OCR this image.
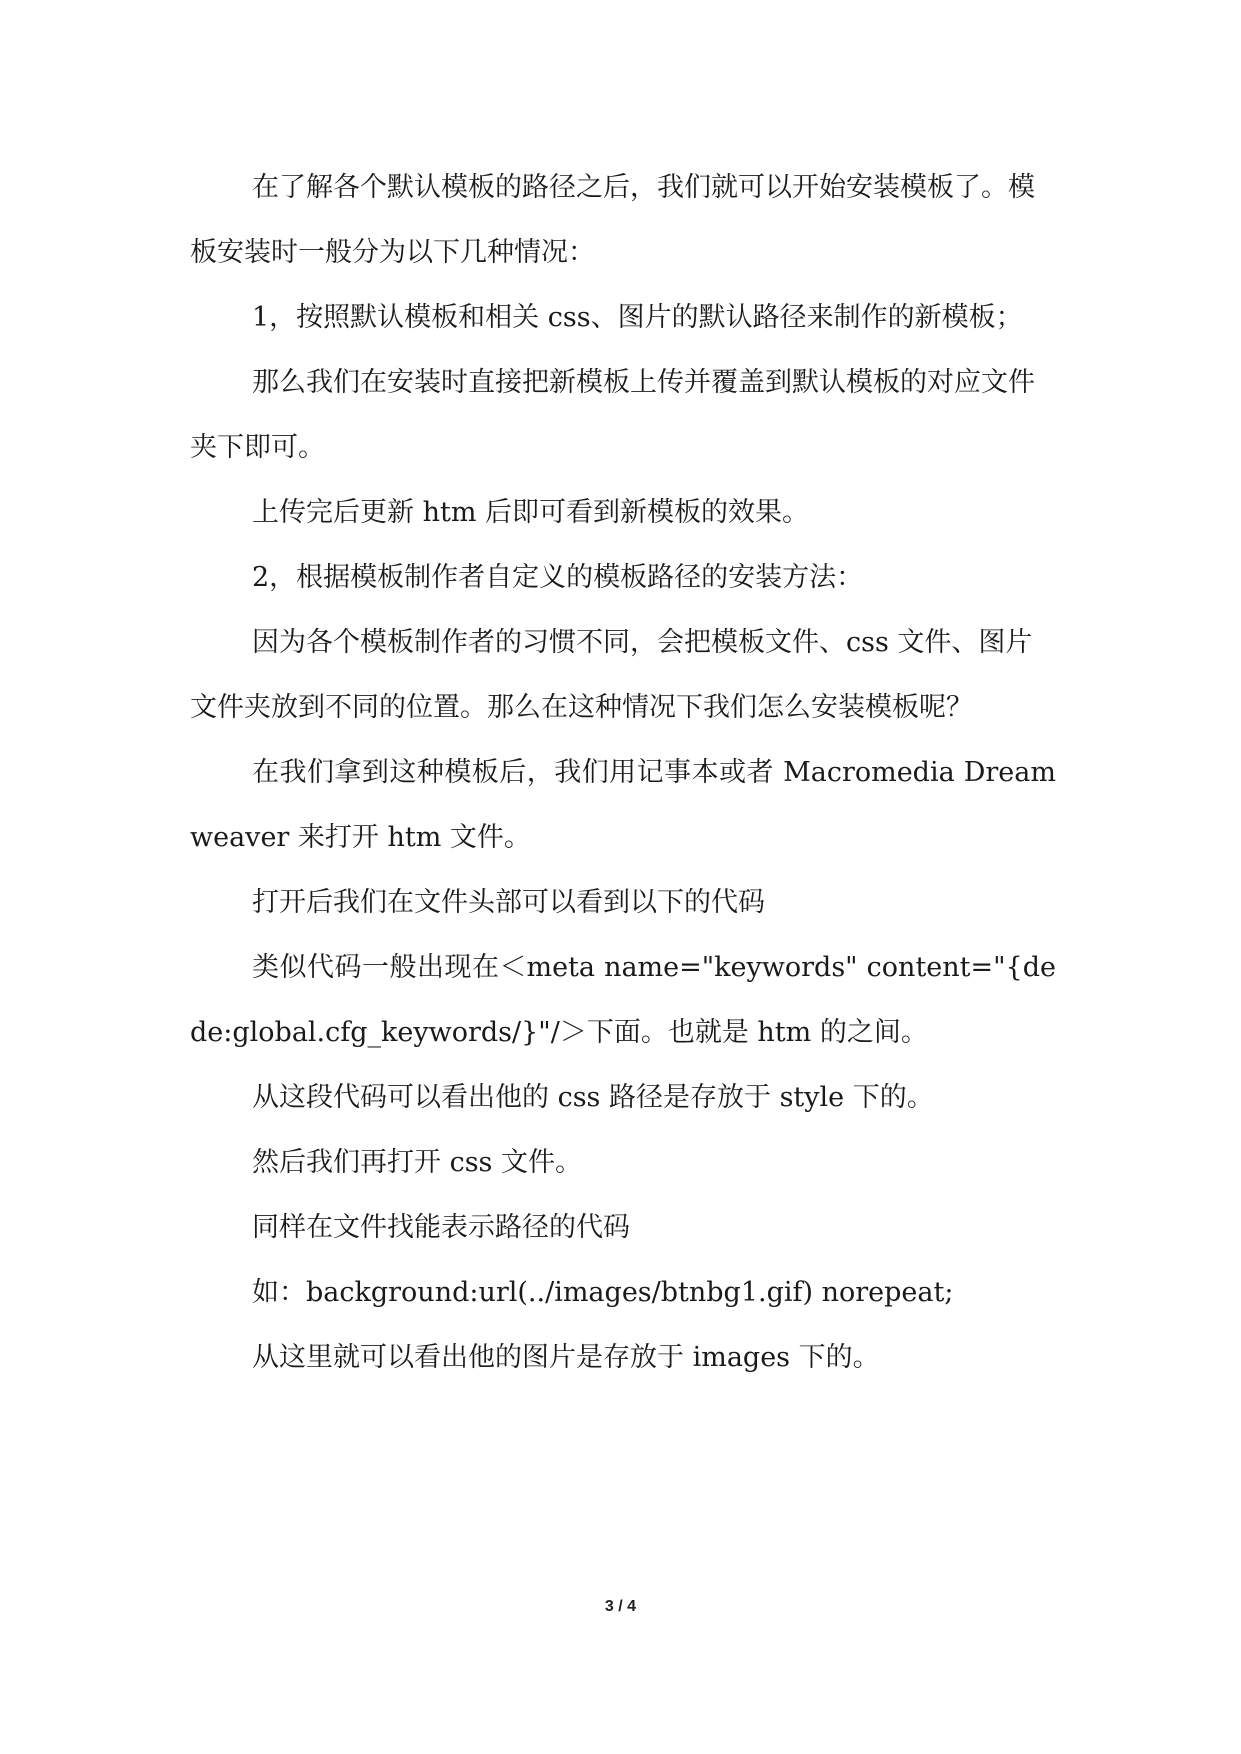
在了解各个默认模板的路径之后，我们就可以开始安装模板了。模板安装时一般分为以下几种情况：

1，按照默认模板和相关 css、图片的默认路径来制作的新模板；

那么我们在安装时直接把新模板上传并覆盖到默认模板的对应文件夹下即可。

上传完后更新 htm 后即可看到新模板的效果。

2，根据模板制作者自定义的模板路径的安装方法：

因为各个模板制作者的习惯不同，会把模板文件、css 文件、图片文件夹放到不同的位置。那么在这种情况下我们怎么安装模板呢？

在我们拿到这种模板后，我们用记事本或者 Macromedia Dreamweaver 来打开 htm 文件。

打开后我们在文件头部可以看到以下的代码

类似代码一般出现在＜meta name="keywords" content="{dede:global.cfg_keywords/}"/＞下面。也就是 htm 的之间。

从这段代码可以看出他的 css 路径是存放于 style 下的。

然后我们再打开 css 文件。

同样在文件找能表示路径的代码

如：background:url(../images/btnbg1.gif) norepeat;

从这里就可以看出他的图片是存放于 images 下的。

3 / 4
